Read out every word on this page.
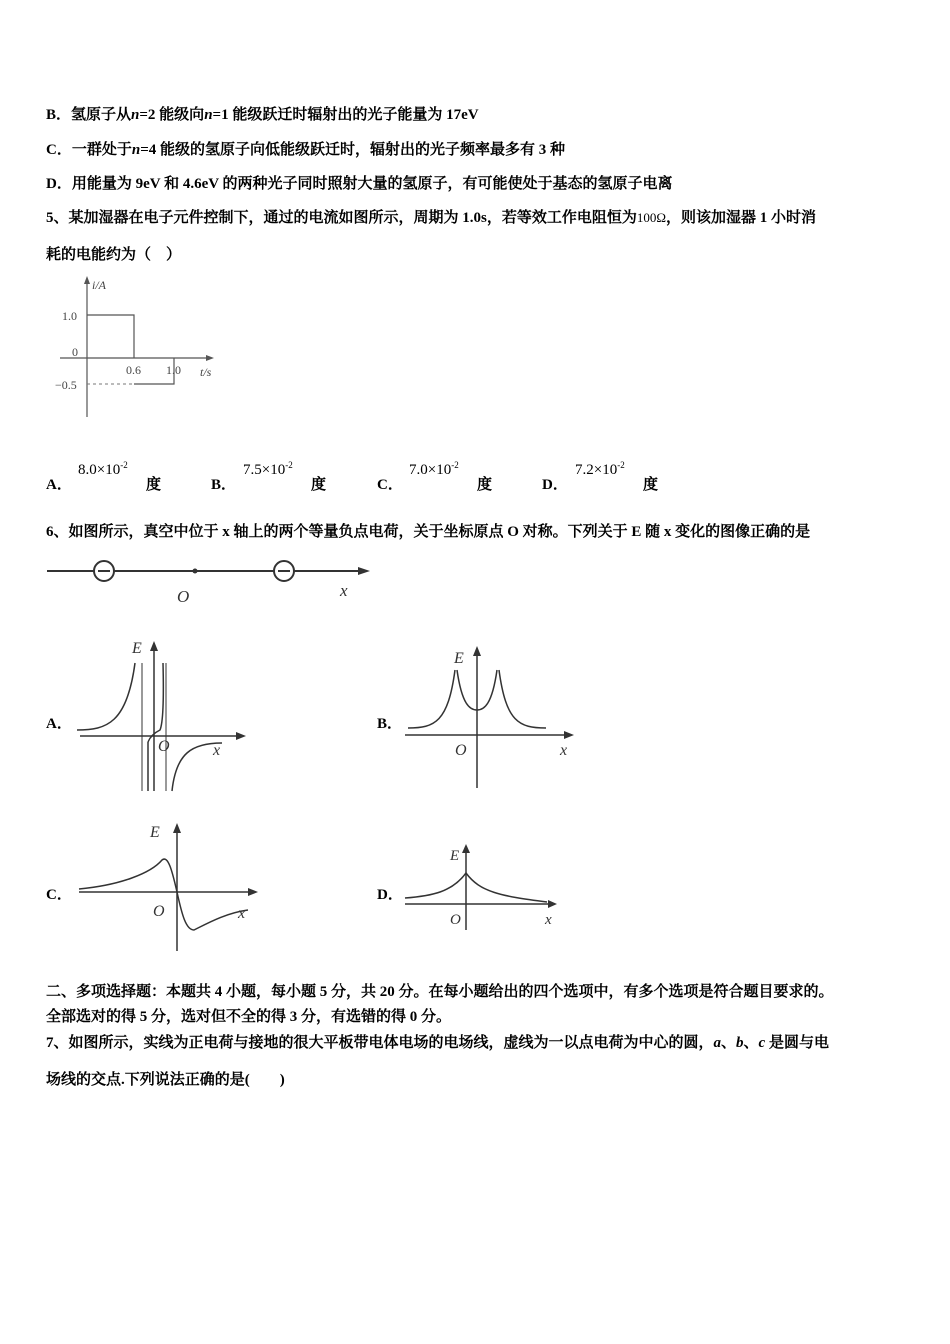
B．氢原子从n=2 能级向n=1 能级跃迁时辐射出的光子能量为 17eV
C．一群处于n=4 能级的氢原子向低能级跃迁时，辐射出的光子频率最多有 3 种
D．用能量为 9eV 和 4.6eV 的两种光子同时照射大量的氢原子，有可能使处于基态的氢原子电离
5、某加湿器在电子元件控制下，通过的电流如图所示，周期为 1.0s，若等效工作电阻恒为100Ω，则该加湿器 1 小时消
耗的电能约为（　）
i/A
t/s
1.0
0
−0.5
0.6 1.0
A．
$8.0\times 10^{-2}$
度	B．
$7.5\times 10^{-2}$
度	C．
$7.0\times 10^{-2}$
度	D．
$7.2\times 10^{-2}$
度
6、如图所示，真空中位于 x 轴上的两个等量负点电荷，关于坐标原点 O 对称。下列关于 E 随 x 变化的图像正确的是
O	x
A．
E
O	x
B．
E
O	x
C．
E
O	x
D．
E
O	x
二、多项选择题：本题共 4 小题，每小题 5 分，共 20 分。在每小题给出的四个选项中，有多个选项是符合题目要求的。
全部选对的得 5 分，选对但不全的得 3 分，有选错的得 0 分。
7、如图所示，实线为正电荷与接地的很大平板带电体电场的电场线，虚线为一以点电荷为中心的圆，a、b、c 是圆与电
场线的交点.下列说法正确的是(　　)
